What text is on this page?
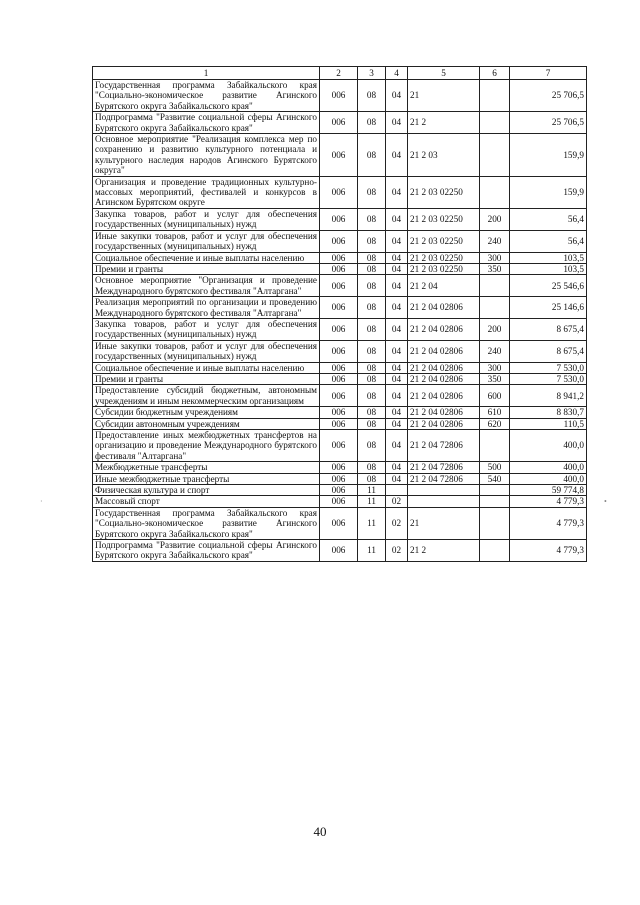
1	2	3	4	5	6	7
Государственная программа Забайкальского края "Социально-экономическое развитие Агинского Бурятского округа Забайкальского края"	006	08	04	21		25 706,5
Подпрограмма "Развитие социальной сферы Агинского Бурятского округа Забайкальского края"	006	08	04	21 2		25 706,5
Основное мероприятие "Реализация комплекса мер по сохранению и развитию культурного потенциала и культурного наследия народов Агинского Бурятского округа"	006	08	04	21 2 03		159,9
Организация и проведение традиционных культурно-массовых мероприятий, фестивалей и конкурсов в Агинском Бурятском округе	006	08	04	21 2 03 02250		159,9
Закупка товаров, работ и услуг для обеспечения государственных (муниципальных) нужд	006	08	04	21 2 03 02250	200	56,4
Иные закупки товаров, работ и услуг для обеспечения государственных (муниципальных) нужд	006	08	04	21 2 03 02250	240	56,4
Социальное обеспечение и иные выплаты населению	006	08	04	21 2 03 02250	300	103,5
Премии и гранты	006	08	04	21 2 03 02250	350	103,5
Основное мероприятие "Организация и проведение Международного бурятского фестиваля "Алтаргана"	006	08	04	21 2 04		25 546,6
Реализация мероприятий по организации и проведению Международного бурятского фестиваля "Алтаргана"	006	08	04	21 2 04 02806		25 146,6
Закупка товаров, работ и услуг для обеспечения государственных (муниципальных) нужд	006	08	04	21 2 04 02806	200	8 675,4
Иные закупки товаров, работ и услуг для обеспечения государственных (муниципальных) нужд	006	08	04	21 2 04 02806	240	8 675,4
Социальное обеспечение и иные выплаты населению	006	08	04	21 2 04 02806	300	7 530,0
Премии и гранты	006	08	04	21 2 04 02806	350	7 530,0
Предоставление субсидий бюджетным, автономным учреждениям и иным некоммерческим организациям	006	08	04	21 2 04 02806	600	8 941,2
Субсидии бюджетным учреждениям	006	08	04	21 2 04 02806	610	8 830,7
Субсидии автономным учреждениям	006	08	04	21 2 04 02806	620	110,5
Предоставление иных межбюджетных трансфертов на организацию и проведение Международного бурятского фестиваля "Алтаргана"	006	08	04	21 2 04 72806		400,0
Межбюджетные трансферты	006	08	04	21 2 04 72806	500	400,0
Иные межбюджетные трансферты	006	08	04	21 2 04 72806	540	400,0
Физическая культура и спорт	006	11				59 774,8
Массовый спорт	006	11	02			4 779,3
Государственная программа Забайкальского края "Социально-экономическое развитие Агинского Бурятского округа Забайкальского края"	006	11	02	21		4 779,3
Подпрограмма "Развитие социальной сферы Агинского Бурятского округа Забайкальского края"	006	11	02	21 2		4 779,3
•
·
40
